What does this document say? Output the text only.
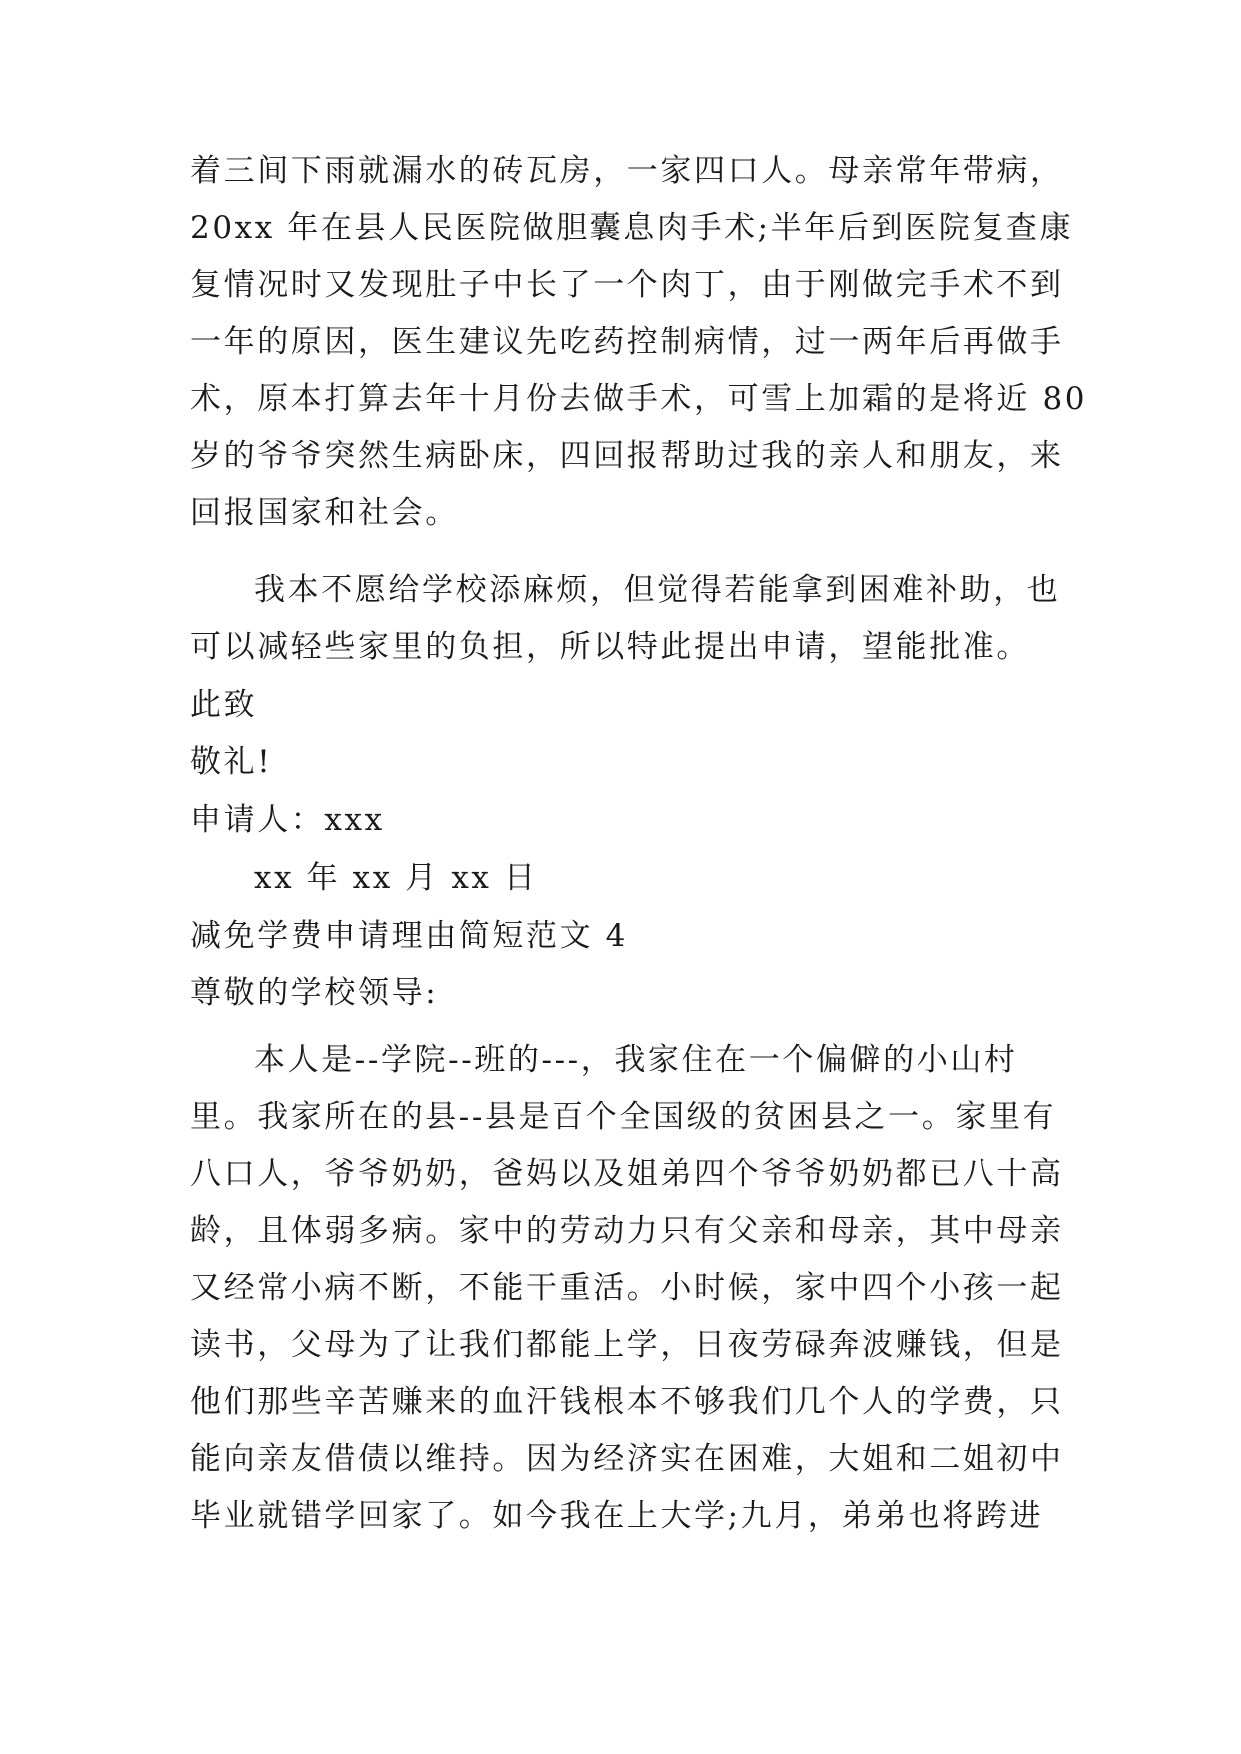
着三间下雨就漏水的砖瓦房，一家四口人。母亲常年带病，
20xx 年在县人民医院做胆囊息肉手术;半年后到医院复查康
复情况时又发现肚子中长了一个肉丁，由于刚做完手术不到
一年的原因，医生建议先吃药控制病情，过一两年后再做手
术，原本打算去年十月份去做手术，可雪上加霜的是将近 80
岁的爷爷突然生病卧床，四回报帮助过我的亲人和朋友，来
回报国家和社会。
我本不愿给学校添麻烦，但觉得若能拿到困难补助，也
可以减轻些家里的负担，所以特此提出申请，望能批准。
此致
敬礼!
申请人：xxx
xx 年 xx 月 xx 日
减免学费申请理由简短范文 4
尊敬的学校领导:
本人是--学院--班的---，我家住在一个偏僻的小山村
里。我家所在的县--县是百个全国级的贫困县之一。家里有
八口人，爷爷奶奶，爸妈以及姐弟四个爷爷奶奶都已八十高
龄，且体弱多病。家中的劳动力只有父亲和母亲，其中母亲
又经常小病不断，不能干重活。小时候，家中四个小孩一起
读书，父母为了让我们都能上学，日夜劳碌奔波赚钱，但是
他们那些辛苦赚来的血汗钱根本不够我们几个人的学费，只
能向亲友借债以维持。因为经济实在困难，大姐和二姐初中
毕业就错学回家了。如今我在上大学;九月，弟弟也将跨进
